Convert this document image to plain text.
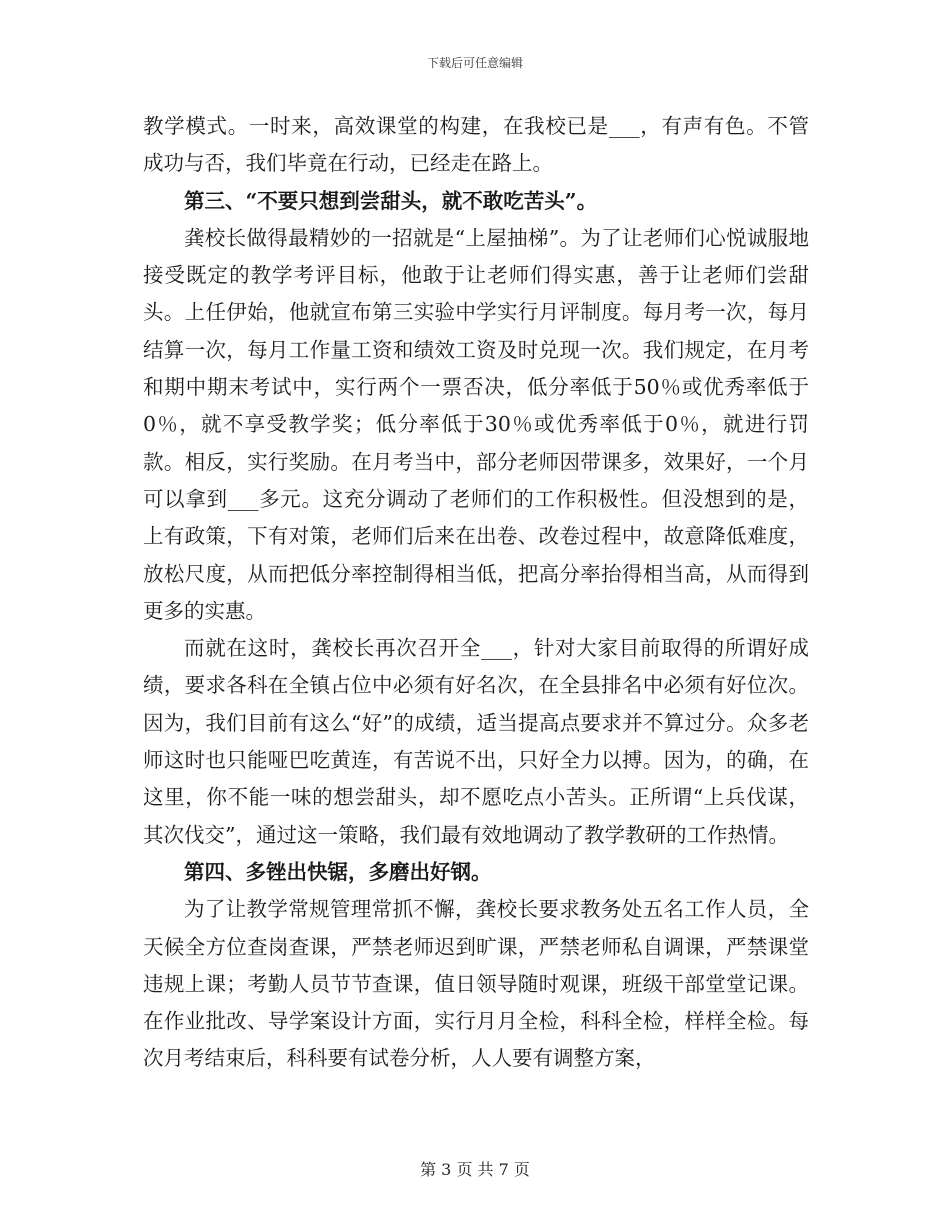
下载后可任意编辑

教学模式。一时来，高效课堂的构建，在我校已是___，有声有色。不管成功与否，我们毕竟在行动，已经走在路上。

第三、“不要只想到尝甜头，就不敢吃苦头”。

龚校长做得最精妙的一招就是“上屋抽梯”。为了让老师们心悦诚服地接受既定的教学考评目标，他敢于让老师们得实惠，善于让老师们尝甜头。上任伊始，他就宣布第三实验中学实行月评制度。每月考一次，每月结算一次，每月工作量工资和绩效工资及时兑现一次。我们规定，在月考和期中期末考试中，实行两个一票否决，低分率低于50％或优秀率低于0％，就不享受教学奖；低分率低于30％或优秀率低于0％，就进行罚款。相反，实行奖励。在月考当中，部分老师因带课多，效果好，一个月可以拿到___多元。这充分调动了老师们的工作积极性。但没想到的是，上有政策，下有对策，老师们后来在出卷、改卷过程中，故意降低难度，放松尺度，从而把低分率控制得相当低，把高分率抬得相当高，从而得到更多的实惠。

而就在这时，龚校长再次召开全___，针对大家目前取得的所谓好成绩，要求各科在全镇占位中必须有好名次，在全县排名中必须有好位次。因为，我们目前有这么“好”的成绩，适当提高点要求并不算过分。众多老师这时也只能哑巴吃黄连，有苦说不出，只好全力以搏。因为，的确，在这里，你不能一味的想尝甜头，却不愿吃点小苦头。正所谓“上兵伐谋，其次伐交”，通过这一策略，我们最有效地调动了教学教研的工作热情。

第四、多锉出快锯，多磨出好钢。

为了让教学常规管理常抓不懈，龚校长要求教务处五名工作人员，全天候全方位查岗查课，严禁老师迟到旷课，严禁老师私自调课，严禁课堂违规上课；考勤人员节节查课，值日领导随时观课，班级干部堂堂记课。在作业批改、导学案设计方面，实行月月全检，科科全检，样样全检。每次月考结束后，科科要有试卷分析，人人要有调整方案，

第 3 页 共 7 页
